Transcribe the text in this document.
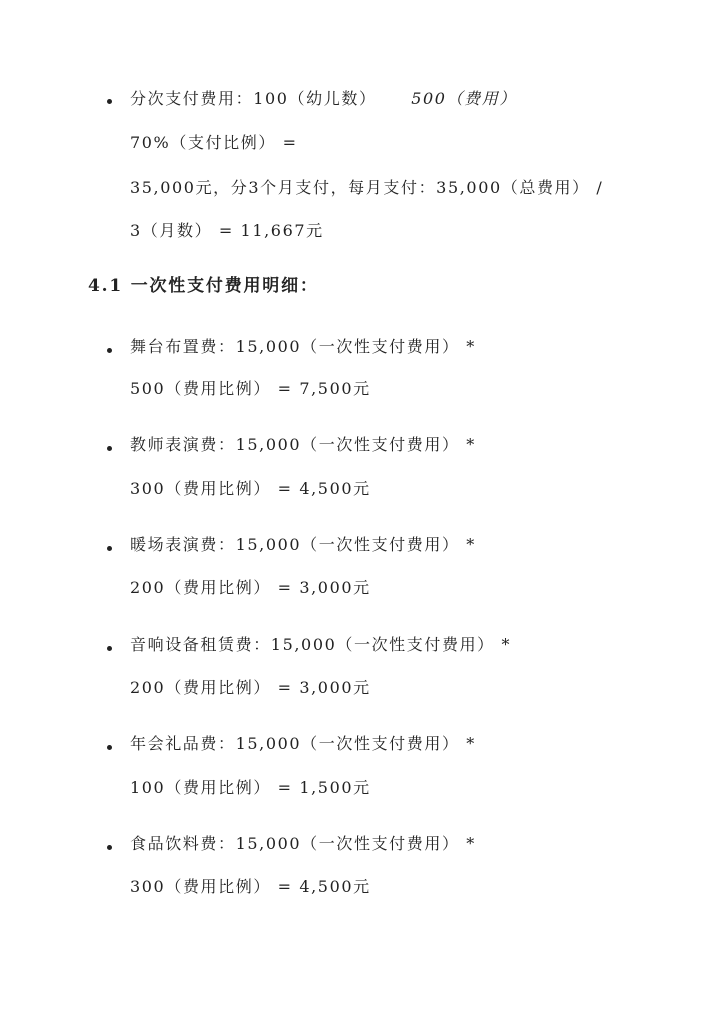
分次支付费用：100（幼儿数） 500（费用）
70%（支付比例） =
35,000元，分3个月支付，每月支付：35,000（总费用） /
3（月数） = 11,667元
4.1 一次性支付费用明细：
舞台布置费：15,000（一次性支付费用） *
500（费用比例） = 7,500元
教师表演费：15,000（一次性支付费用） *
300（费用比例） = 4,500元
暖场表演费：15,000（一次性支付费用） *
200（费用比例） = 3,000元
音响设备租赁费：15,000（一次性支付费用） *
200（费用比例） = 3,000元
年会礼品费：15,000（一次性支付费用） *
100（费用比例） = 1,500元
食品饮料费：15,000（一次性支付费用） *
300（费用比例） = 4,500元
